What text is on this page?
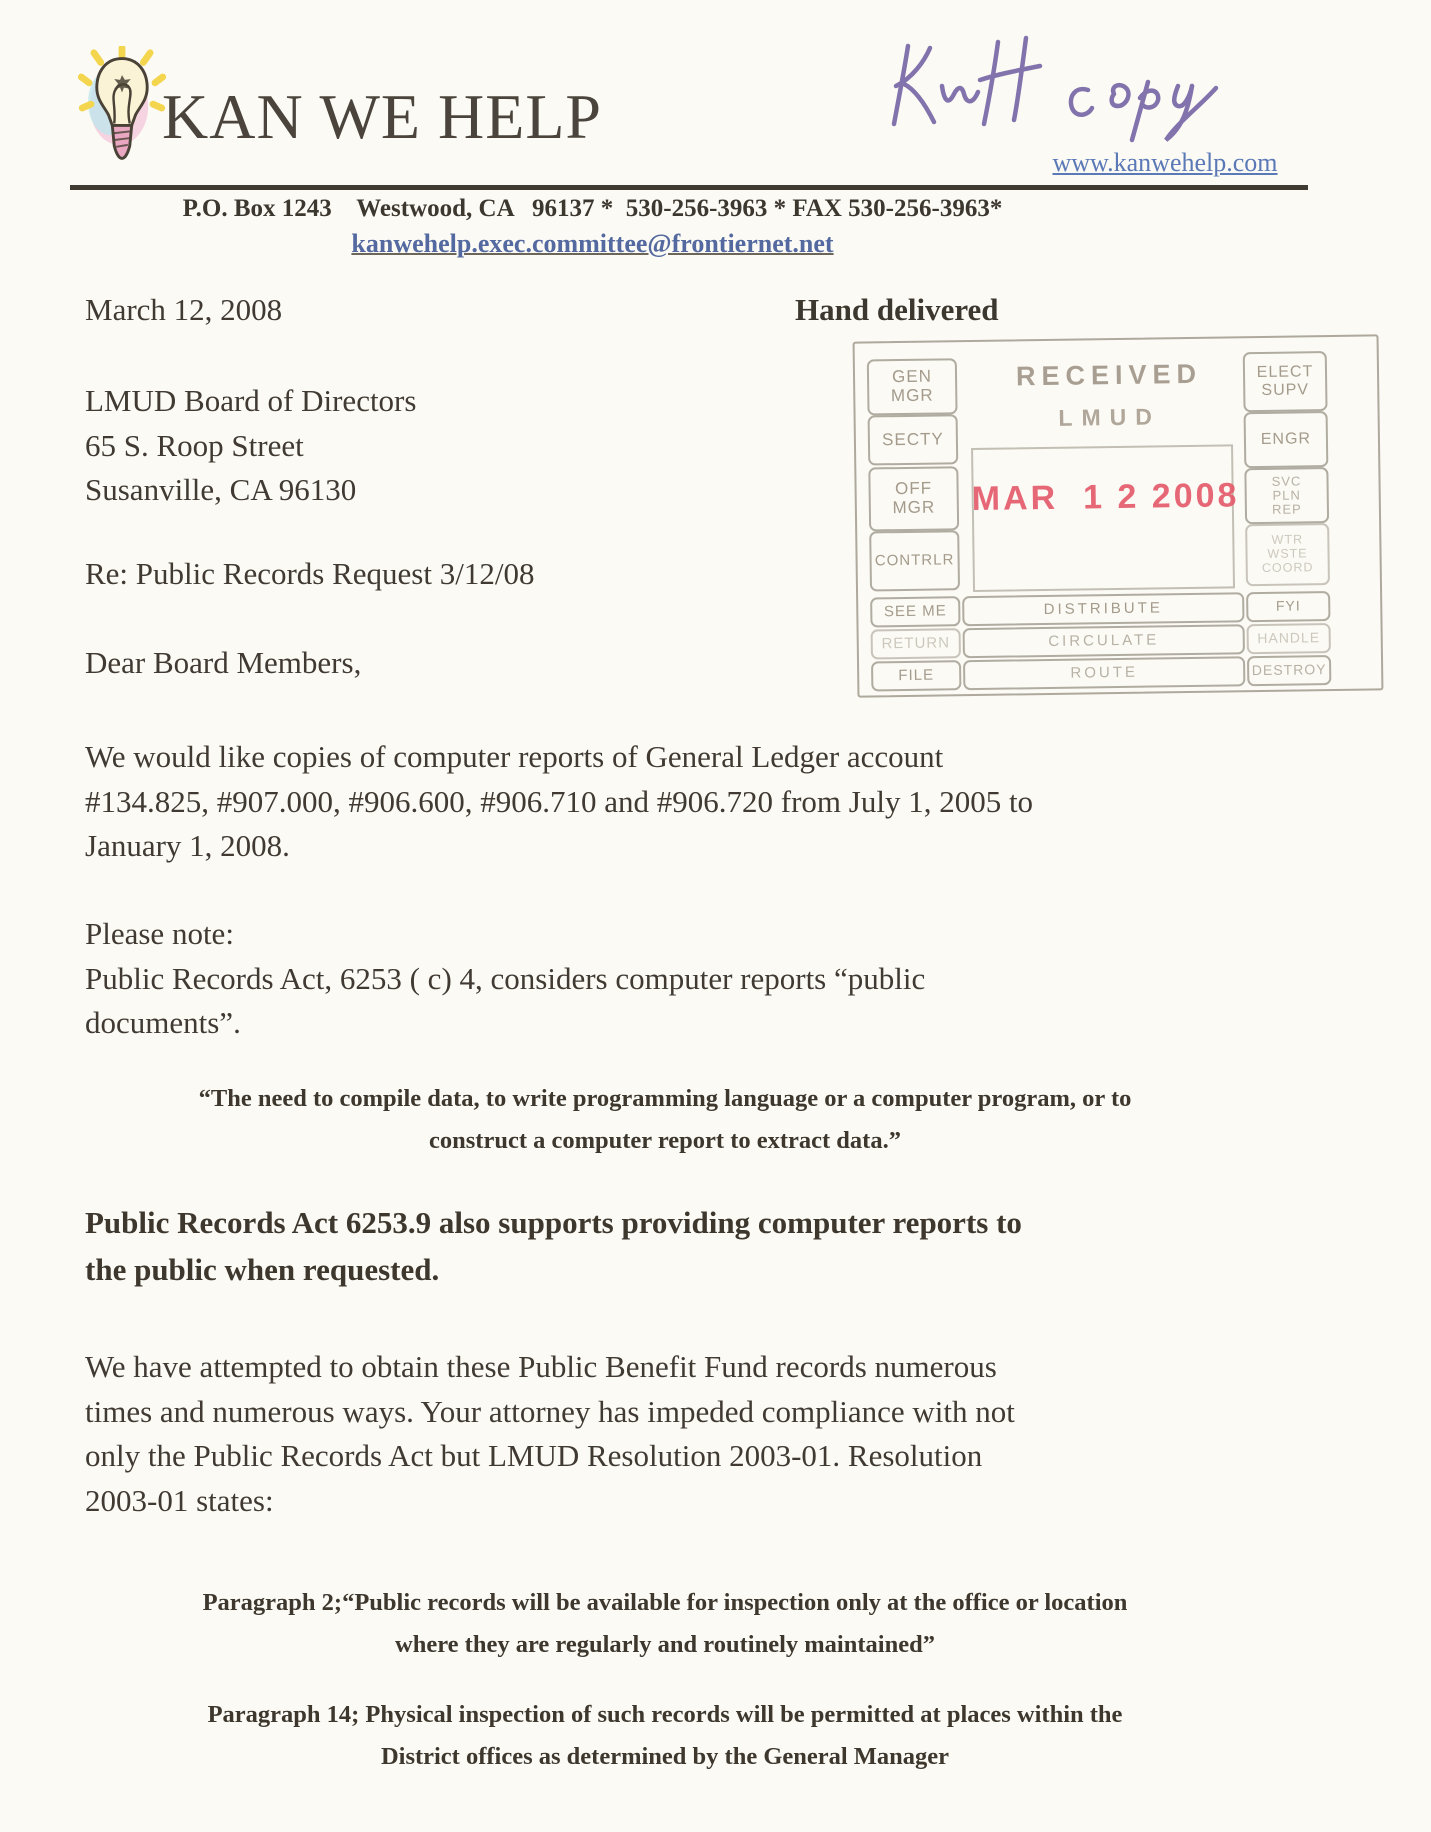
KAN WE HELP
www.kanwehelp.com
P.O. Box 1243    Westwood, CA   96137 *  530-256-3963 * FAX 530-256-3963*
kanwehelp.exec.committee@frontiernet.net
March 12, 2008	Hand delivered
GEN
MGR
SECTY
OFF
MGR
CONTRLR
RECEIVED
LMUD
MAR  1 2 2008
ELECT
SUPV
ENGR
SVC
PLN
REP
WTR
WSTE
COORD
SEE ME
RETURN
FILE
DISTRIBUTE
CIRCULATE
ROUTE
FYI
HANDLE
DESTROY
LMUD Board of Directors
65 S. Roop Street
Susanville, CA 96130
Re: Public Records Request 3/12/08
Dear Board Members,
We would like copies of computer reports of General Ledger account
#134.825, #907.000, #906.600, #906.710 and #906.720 from July 1, 2005 to
January 1, 2008.
Please note:
Public Records Act, 6253 ( c) 4, considers computer reports “public
documents”.
“The need to compile data, to write programming language or a computer program, or to
construct a computer report to extract data.”
Public Records Act 6253.9 also supports providing computer reports to
the public when requested.
We have attempted to obtain these Public Benefit Fund records numerous
times and numerous ways. Your attorney has impeded compliance with not
only the Public Records Act but LMUD Resolution 2003-01. Resolution
2003-01 states:
Paragraph 2;“Public records will be available for inspection only at the office or location
where they are regularly and routinely maintained”
Paragraph 14; Physical inspection of such records will be permitted at places within the
District offices as determined by the General Manager
